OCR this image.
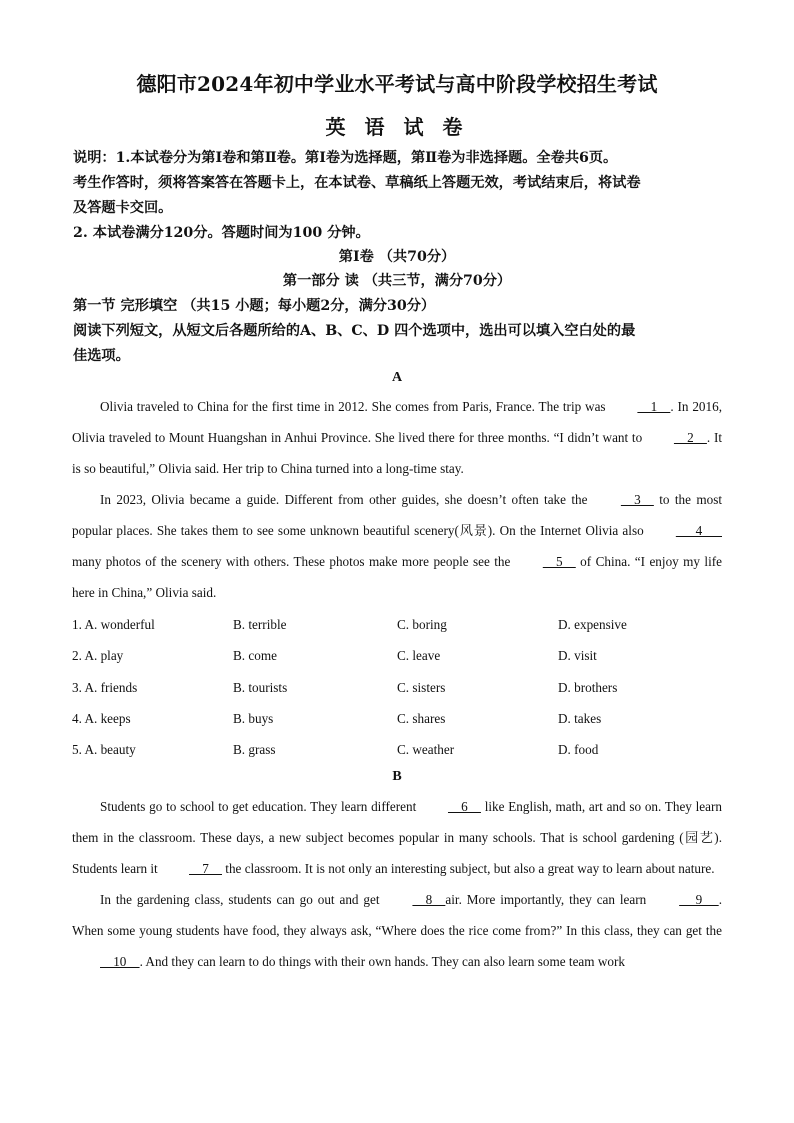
德阳市2024年初中学业水平考试与高中阶段学校招生考试
英 语 试 卷
说明：1.本试卷分为第Ⅰ卷和第Ⅱ卷。第Ⅰ卷为选择题，第Ⅱ卷为非选择题。全卷共6页。
考生作答时，须将答案答在答题卡上，在本试卷、草稿纸上答题无效，考试结束后，将试卷
及答题卡交回。
2. 本试卷满分120分。答题时间为100 分钟。
第Ⅰ卷 （共70分）
第一部分 读 （共三节，满分70分）
第一节 完形填空 （共15 小题；每小题2分，满分30分）
阅读下列短文，从短文后各题所给的A、B、C、D 四个选项中，选出可以填入空白处的最
佳选项。
A

Olivia traveled to China for the first time in 2012. She comes from Paris, France. The trip was     1    . In 2016, Olivia traveled to Mount Huangshan in Anhui Province. She lived there for three months. “I didn’t want to     2    . It is so beautiful,” Olivia said. Her trip to China turned into a long-time stay.

In 2023, Olivia became a guide. Different from other guides, she doesn’t often take the     3     to the most popular places. She takes them to see some unknown beautiful scenery(风景). On the Internet Olivia also       4       many photos of the scenery with others. These photos make more people see the     5     of China. “I enjoy my life here in China,” Olivia said.

1. A. wonderful	B. terrible	C. boring	D. expensive
2. A. play	B. come	C. leave	D. visit
3. A. friends	B. tourists	C. sisters	D. brothers
4. A. keeps	B. buys	C. shares	D. takes
5. A. beauty	B. grass	C. weather	D. food
B

Students go to school to get education. They learn different     6     like English, math, art and so on. They learn them in the classroom. These days, a new subject becomes popular in many schools. That is school gardening (园艺). Students learn it     7     the classroom. It is not only an interesting subject, but also a great way to learn about nature.

In the gardening class, students can go out and get     8    air. More importantly, they can learn      9     . When some young students have food, they always ask, “Where does the rice come from?” In this class, they can get the     10    . And they can learn to do things with their own hands. They can also learn some team work
